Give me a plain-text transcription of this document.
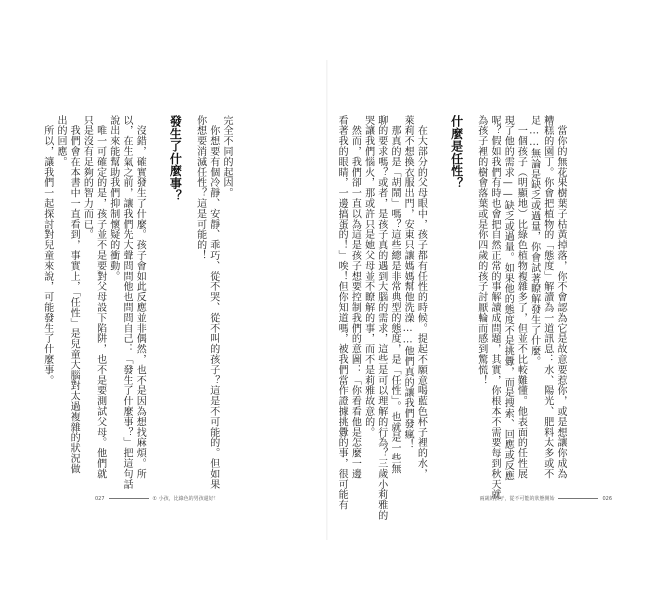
完全不同的起因。

　你想要有個冷靜、安靜、乖巧、從不哭、從不叫的孩子？這是不可能的。但如果

你想要消滅任性？這是可能的！

發生了什麼事？

　沒錯，確實發生了什麼。孩子會如此反應並非偶然，也不是因為想找麻煩。所

以，在生氣之前，讓我們先大聲問問他也問問自己：「發生了什麼事？」把這句話

說出來能幫助我們抑制懷疑的衝動。

　唯一可確定的是，孩子並不是要對父母設下陷阱，也不是要測試父母。他們就

只是沒有足夠的智力而已。

　我們會在本書中一直看到，事實上，「任性」是兒童大腦對太過複雜的狀況做

出的回應。

　所以，讓我們一起探討對兒童來說，可能發生了什麼事。

027	① 小孩，比綠色的男孩還好！

　當你的無花果樹葉子枯黃掉落，你不會認為它是故意要惹你，或是想讓你成為

糟糕的園丁。你會把植物的「態度」解讀為一道訊息：水、陽光、肥料太多或不

足……無論是缺乏或過量，你會試著瞭解發生了什麼。

　一個孩子（明顯地）比綠色植物複雜多了，但並不比較難懂。他表面的任性展

現了他的需求——缺乏或過量。如果他的態度不是挑釁，而是搜索、回應或反應

呢？假如我們有時也會把自然正常的事解讀成問題，其實，你根本不需要每到秋天就

為孩子裡的樹會落葉或是你四歲的孩子討厭輪而感到驚慌！

什麼是任性？

　在大部分的父母眼中，孩子都有任性的時候。提起不願意喝藍色杯子裡的水，

萊莉不想換衣服出門，安東只讓媽媽幫他洗澡……他們真的讓我們發瘋！

　那真的是「胡鬧」嗎？這些總是非常典型的態度，是「任性」。也就是一些無

聊的要求嗎？或者，是孩子真的遇到大腦的需求，這些是可以理解的行為？三歲小莉雅的

哭讓我們惱火，那或許只是她父母並不瞭解的事，而不是莉雅故意的。

　然而，我們卻一直以為這是孩子想要控制我們的意圖：「你看看他是怎麼一邊

看著我的眼睛，一邊搞蛋的！」唉！但你知道嗎，被我們當作證據挑釁的事，很可能有	兩歲的孩子，從不可能的狀態開始	026
